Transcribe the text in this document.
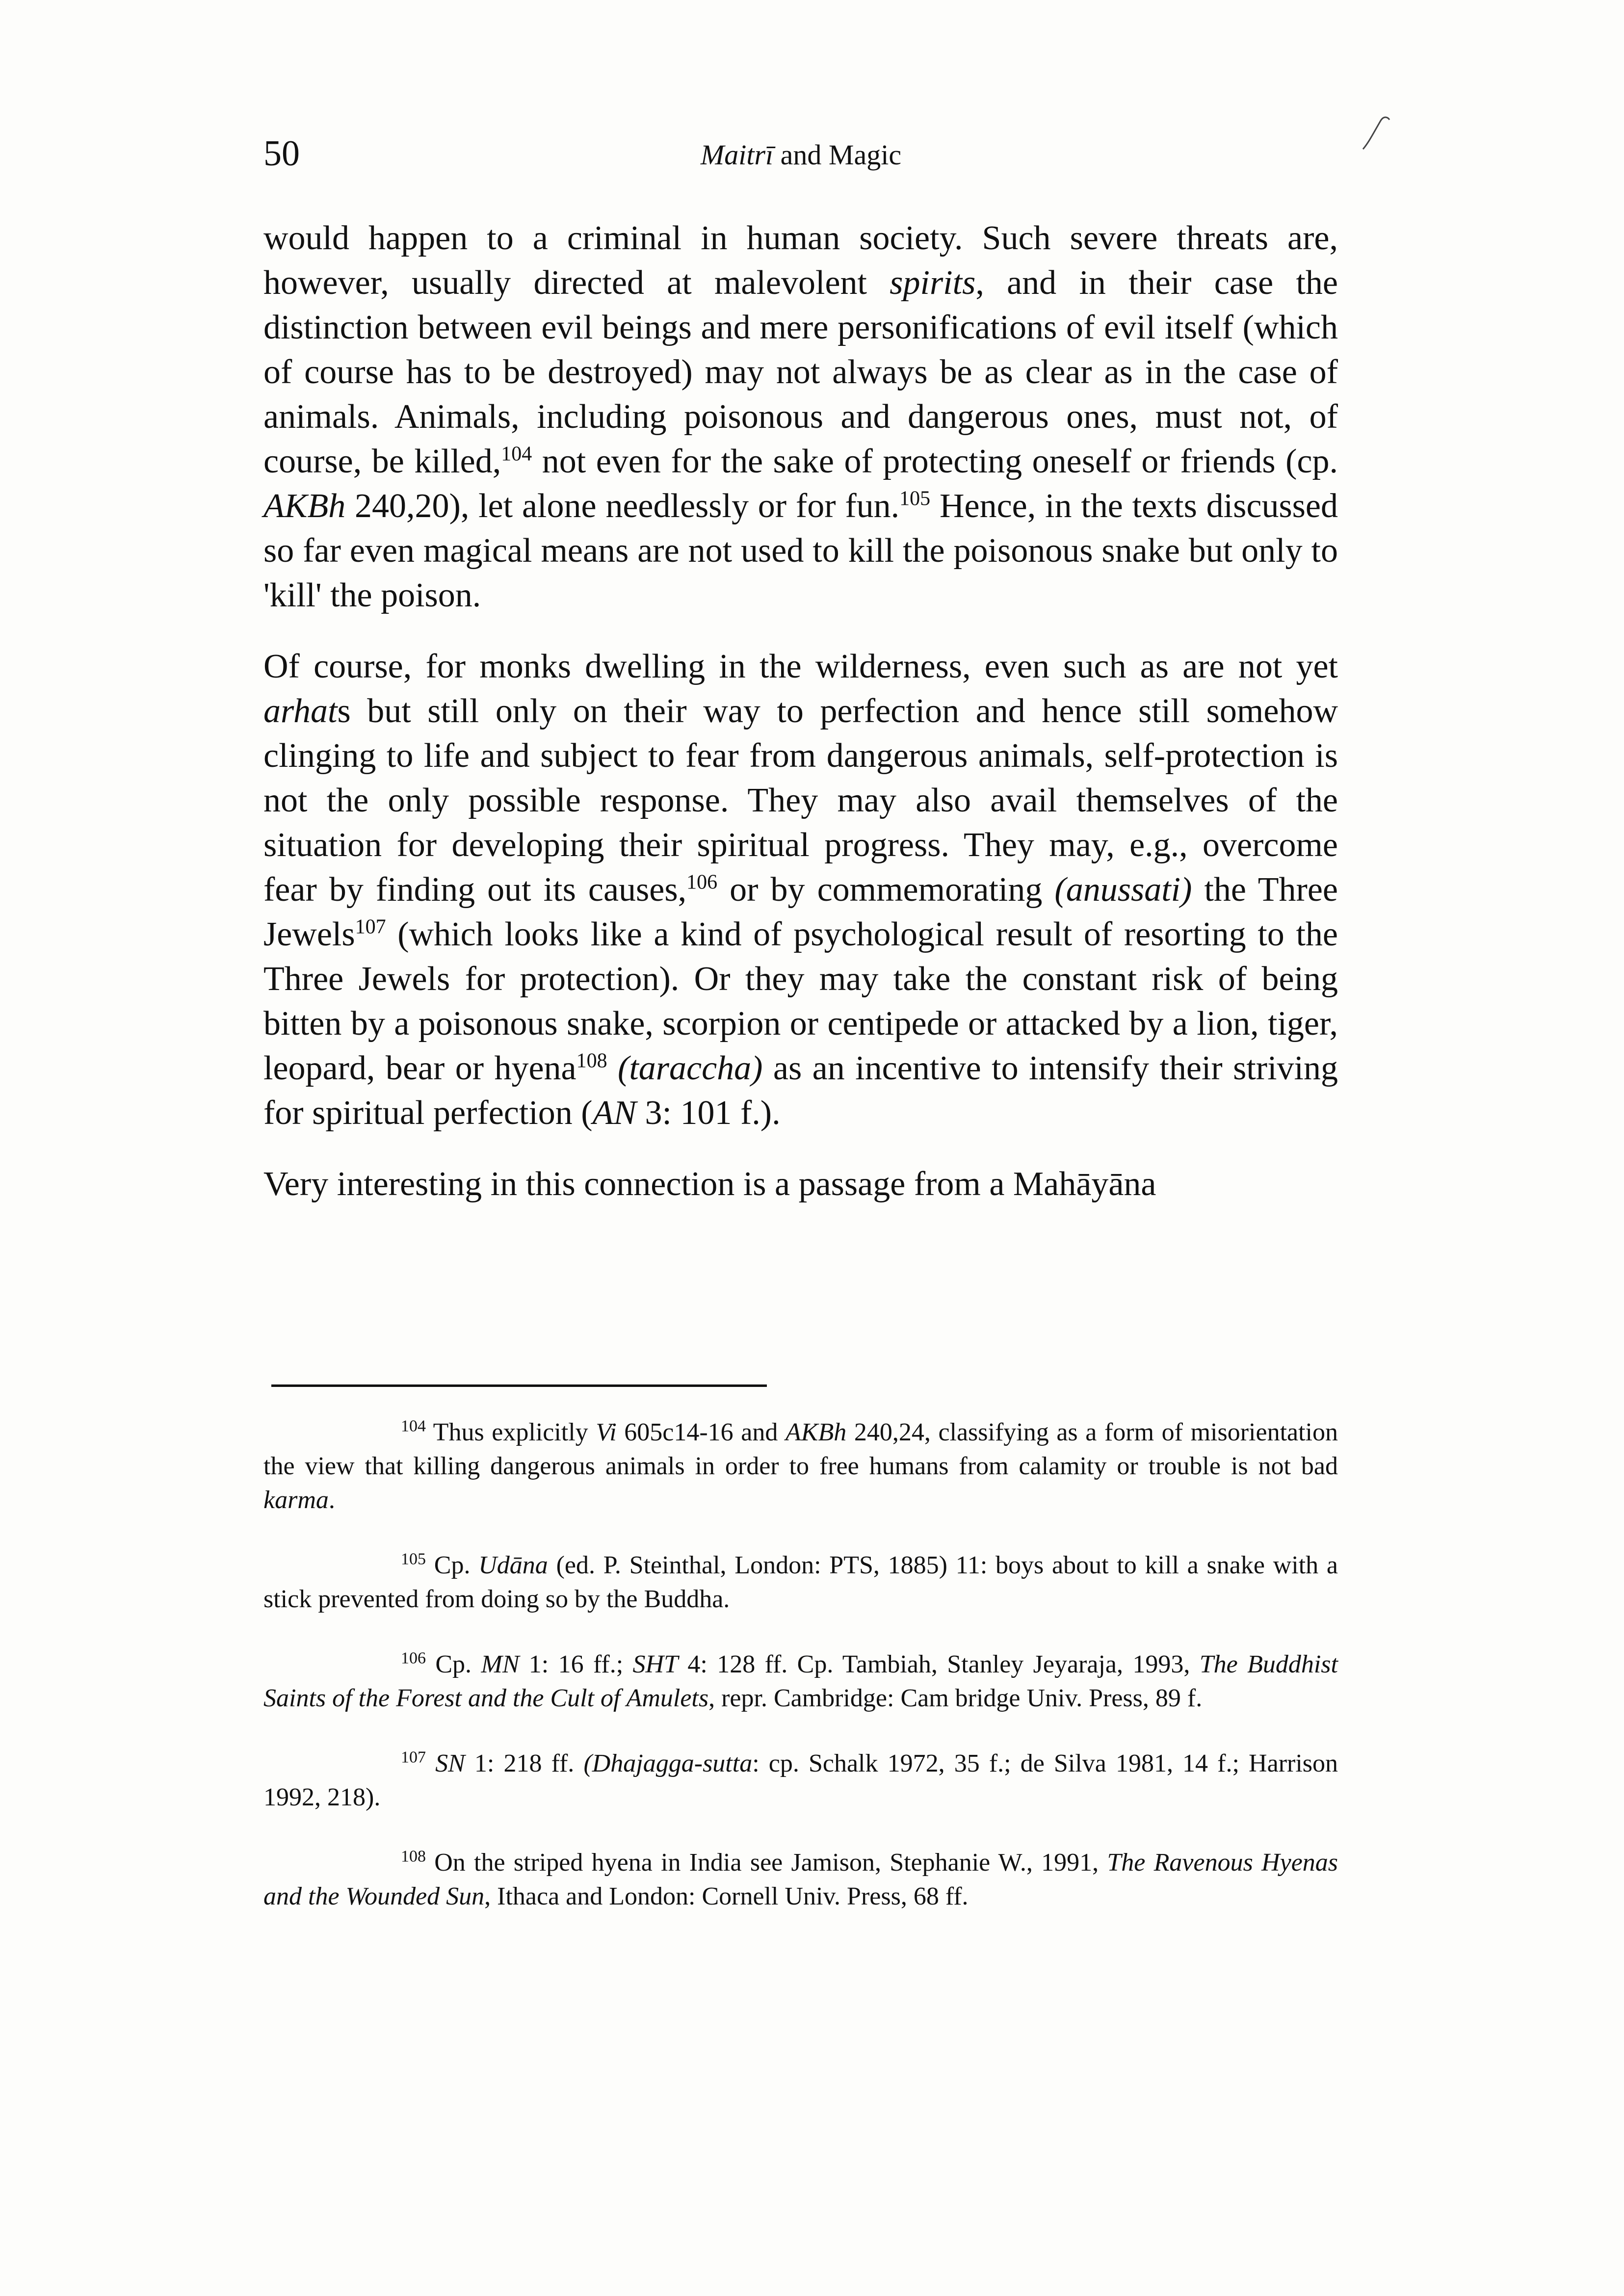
50	Maitrī and Magic

would happen to a criminal in human society. Such severe threats are, however, usually directed at malevolent spirits, and in their case the distinction between evil beings and mere personifications of evil itself (which of course has to be destroyed) may not always be as clear as in the case of animals. Animals, including poisonous and dangerous ones, must not, of course, be killed,$^{104}$ not even for the sake of protecting oneself or friends (cp. AKBh 240,20), let alone needlessly or for fun.$^{105}$ Hence, in the texts discussed so far even magical means are not used to kill the poisonous snake but only to 'kill' the poison.

Of course, for monks dwelling in the wilderness, even such as are not yet arhats but still only on their way to perfection and hence still somehow clinging to life and subject to fear from dangerous animals, self-protection is not the only possible response. They may also avail themselves of the situation for developing their spiritual progress. They may, e.g., overcome fear by finding out its causes,$^{106}$ or by commemorating (anussati) the Three Jewels$^{107}$ (which looks like a kind of psychological result of resorting to the Three Jewels for protection). Or they may take the constant risk of being bitten by a poisonous snake, scorpion or centipede or attacked by a lion, tiger, leopard, bear or hyena$^{108}$ (taraccha) as an incentive to intensify their striving for spiritual perfection (AN 3: 101 f.).

Very interesting in this connection is a passage from a Mahāyāna

$^{104}$ Thus explicitly Vi 605c14-16 and AKBh 240,24, classifying as a form of misorientation the view that killing dangerous animals in order to free humans from calamity or trouble is not bad karma.

$^{105}$ Cp. Udāna (ed. P. Steinthal, London: PTS, 1885) 11: boys about to kill a snake with a stick prevented from doing so by the Buddha.

$^{106}$ Cp. MN 1: 16 ff.; SHT 4: 128 ff. Cp. Tambiah, Stanley Jeyaraja, 1993, The Buddhist Saints of the Forest and the Cult of Amulets, repr. Cambridge: Cam bridge Univ. Press, 89 f.

$^{107}$ SN 1: 218 ff. (Dhajagga-sutta: cp. Schalk 1972, 35 f.; de Silva 1981, 14 f.; Harrison 1992, 218).

$^{108}$ On the striped hyena in India see Jamison, Stephanie W., 1991, The Ravenous Hyenas and the Wounded Sun, Ithaca and London: Cornell Univ. Press, 68 ff.
